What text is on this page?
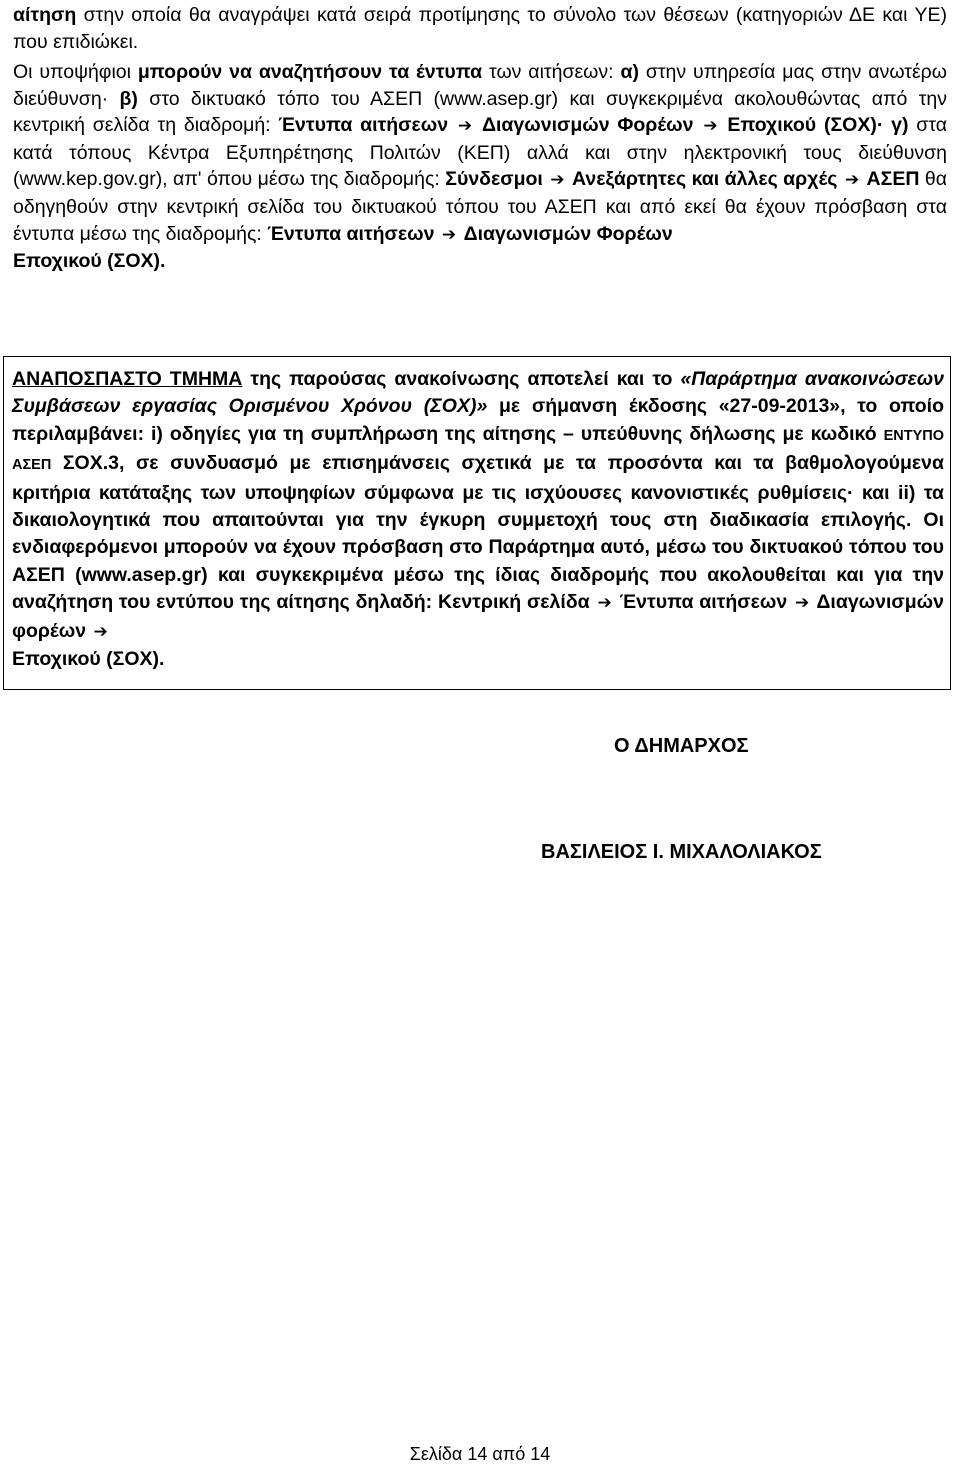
αίτηση στην οποία θα αναγράψει κατά σειρά προτίμησης το σύνολο των θέσεων (κατηγοριών ΔΕ και ΥΕ) που επιδιώκει.

Οι υποψήφιοι μπορούν να αναζητήσουν τα έντυπα των αιτήσεων: α) στην υπηρεσία μας στην ανωτέρω διεύθυνση· β) στο δικτυακό τόπο του ΑΣΕΠ (www.asep.gr) και συγκεκριμένα ακολουθώντας από την κεντρική σελίδα τη διαδρομή: Έντυπα αιτήσεων ➔ Διαγωνισμών Φορέων ➔ Εποχικού (ΣΟΧ)· γ) στα κατά τόπους Κέντρα Εξυπηρέτησης Πολιτών (ΚΕΠ) αλλά και στην ηλεκτρονική τους διεύθυνση (www.kep.gov.gr), απ' όπου μέσω της διαδρομής: Σύνδεσμοι ➔ Ανεξάρτητες και άλλες αρχές ➔ ΑΣΕΠ θα οδηγηθούν στην κεντρική σελίδα του δικτυακού τόπου του ΑΣΕΠ και από εκεί θα έχουν πρόσβαση στα έντυπα μέσω της διαδρομής: Έντυπα αιτήσεων ➔ Διαγωνισμών Φορέων
Εποχικού (ΣΟΧ).

ΑΝΑΠΟΣΠΑΣΤΟ ΤΜΗΜΑ της παρούσας ανακοίνωσης αποτελεί και το «Παράρτημα ανακοινώσεων Συμβάσεων εργασίας Ορισμένου Χρόνου (ΣΟΧ)» με σήμανση έκδοσης «27-09-2013», το οποίο περιλαμβάνει: i) οδηγίες για τη συμπλήρωση της αίτησης – υπεύθυνης δήλωσης με κωδικό ΕΝΤΥΠΟ ΑΣΕΠ ΣΟΧ.3, σε συνδυασμό με επισημάνσεις σχετικά με τα προσόντα και τα βαθμολογούμενα κριτήρια κατάταξης των υποψηφίων σύμφωνα με τις ισχύουσες κανονιστικές ρυθμίσεις· και ii) τα δικαιολογητικά που απαιτούνται για την έγκυρη συμμετοχή τους στη διαδικασία επιλογής. Οι ενδιαφερόμενοι μπορούν να έχουν πρόσβαση στο Παράρτημα αυτό, μέσω του δικτυακού τόπου του ΑΣΕΠ (www.asep.gr) και συγκεκριμένα μέσω της ίδιας διαδρομής που ακολουθείται και για την αναζήτηση του εντύπου της αίτησης δηλαδή: Κεντρική σελίδα ➔ Έντυπα αιτήσεων ➔ Διαγωνισμών φορέων ➔
Εποχικού (ΣΟΧ).

Ο ΔΗΜΑΡΧΟΣ
ΒΑΣΙΛΕΙΟΣ Ι. ΜΙΧΑΛΟΛΙΑΚΟΣ
Σελίδα 14 από 14
